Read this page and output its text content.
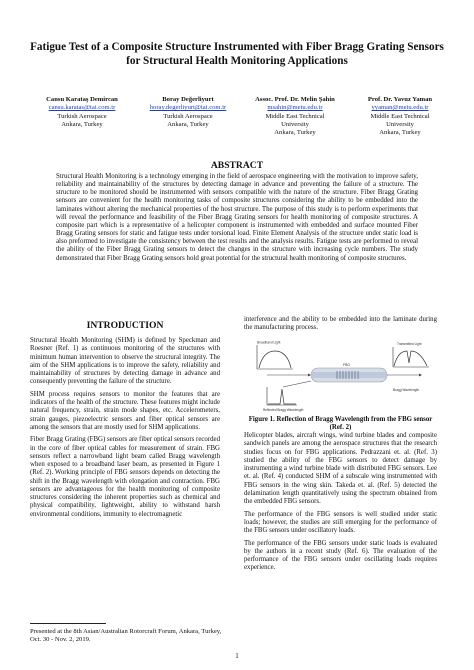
Fatigue Test of a Composite Structure Instrumented with Fiber Bragg Grating Sensors for Structural Health Monitoring Applications
Cansu Karataş Demircan
cansu.karatas@tai.com.tr
Turkish Aerospace
Ankara, Turkey
Boray Değerliyurt
boray.degerliyurt@tai.com.tr
Turkish Aerospace
Ankara, Turkey
Assoc. Prof. Dr. Melin Şahin
msahin@metu.edu.tr
Middle East Technical
University
Ankara, Turkey
Prof. Dr. Yavuz Yaman
yyaman@metu.edu.tr
Middle East Technical
University
Ankara, Turkey
ABSTRACT
Structural Health Monitoring is a technology emerging in the field of aerospace engineering with the motivation to improve safety, reliability and maintainability of the structures by detecting damage in advance and preventing the failure of a structure. The structure to be monitored should be instrumented with sensors compatible with the nature of the structure. Fiber Bragg Grating sensors are convenient for the health monitoring tasks of composite structures considering the ability to be embedded into the laminates without altering the mechanical properties of the host structure. The purpose of this study is to perform experiments that will reveal the performance and feasibility of the Fiber Bragg Grating sensors for health monitoring of composite structures. A composite part which is a representative of a helicopter component is instrumented with embedded and surface mounted Fiber Bragg Grating sensors for static and fatigue tests under torsional load. Finite Element Analysis of the structure under static load is also preformed to investigate the consistency between the test results and the analysis results. Fatigue tests are performed to reveal the ability of the Fiber Bragg Grating sensors to detect the changes in the structure with increasing cycle numbers. The study demonstrated that Fiber Bragg Grating sensors hold great potential for the structural health monitoring of composite structures.
INTRODUCTION

Structural Health Monitoring (SHM) is defined by Speckman and Roesner (Ref. 1) as continuous monitoring of the structures with minimum human intervention to observe the structural integrity. The aim of the SHM applications is to improve the safety, reliability and maintainability of structures by detecting damage in advance and consequently preventing the failure of the structure.

SHM process requires sensors to monitor the features that are indicators of the health of the structure. These features might include natural frequency, strain, strain mode shapes, etc. Accelerometers, strain gauges, piezoelectric sensors and fiber optical sensors are among the sensors that are mostly used for SHM applications.

Fiber Bragg Grating (FBG) sensors are fiber optical sensors recorded in the core of fiber optical cables for measurement of strain. FBG sensors reflect a narrowband light beam called Bragg wavelength when exposed to a broadband laser beam, as presented in Figure 1 (Ref. 2). Working principle of FBG sensors depends on detecting the shift in the Bragg wavelength with elongation and contraction. FBG sensors are advantageous for the health monitoring of composite structures considering the inherent properties such as chemical and physical compatibility, lightweight, ability to withstand harsh environmental conditions, immunity to electromagnetic

interference and the ability to be embedded into the laminate during the manufacturing process.
Broadband Light
FBG
Transmitted Light
Reflected Bragg Wavelength
Bragg Wavelength
Figure 1. Reflection of Bragg Wavelength from the FBG sensor (Ref. 2)

Helicopter blades, aircraft wings, wind turbine blades and composite sandwich panels are among the aerospace structures that the research studies focus on for FBG applications. Pedrazzani et. al. (Ref. 3) studied the ability of the FBG sensors to detect damage by instrumenting a wind turbine blade with distributed FBG sensors. Lee et. al. (Ref. 4) conducted SHM of a subscale wing instrumented with FBG sensors in the wing skin. Takeda et. al. (Ref. 5) detected the delamination length quantitatively using the spectrum obtained from the embedded FBG sensors.

The performance of the FBG sensors is well studied under static loads; however, the studies are still emerging for the performance of the FBG sensors under oscillatory loads.

The performance of the FBG sensors under static loads is evaluated by the authors in a recent study (Ref. 6). The evaluation of the performance of the FBG sensors under oscillating loads requires experience.

Presented at the 8th Asian/Australian Rotorcraft Forum, Ankara, Turkey, Oct. 30 - Nov. 2, 2019.
1
